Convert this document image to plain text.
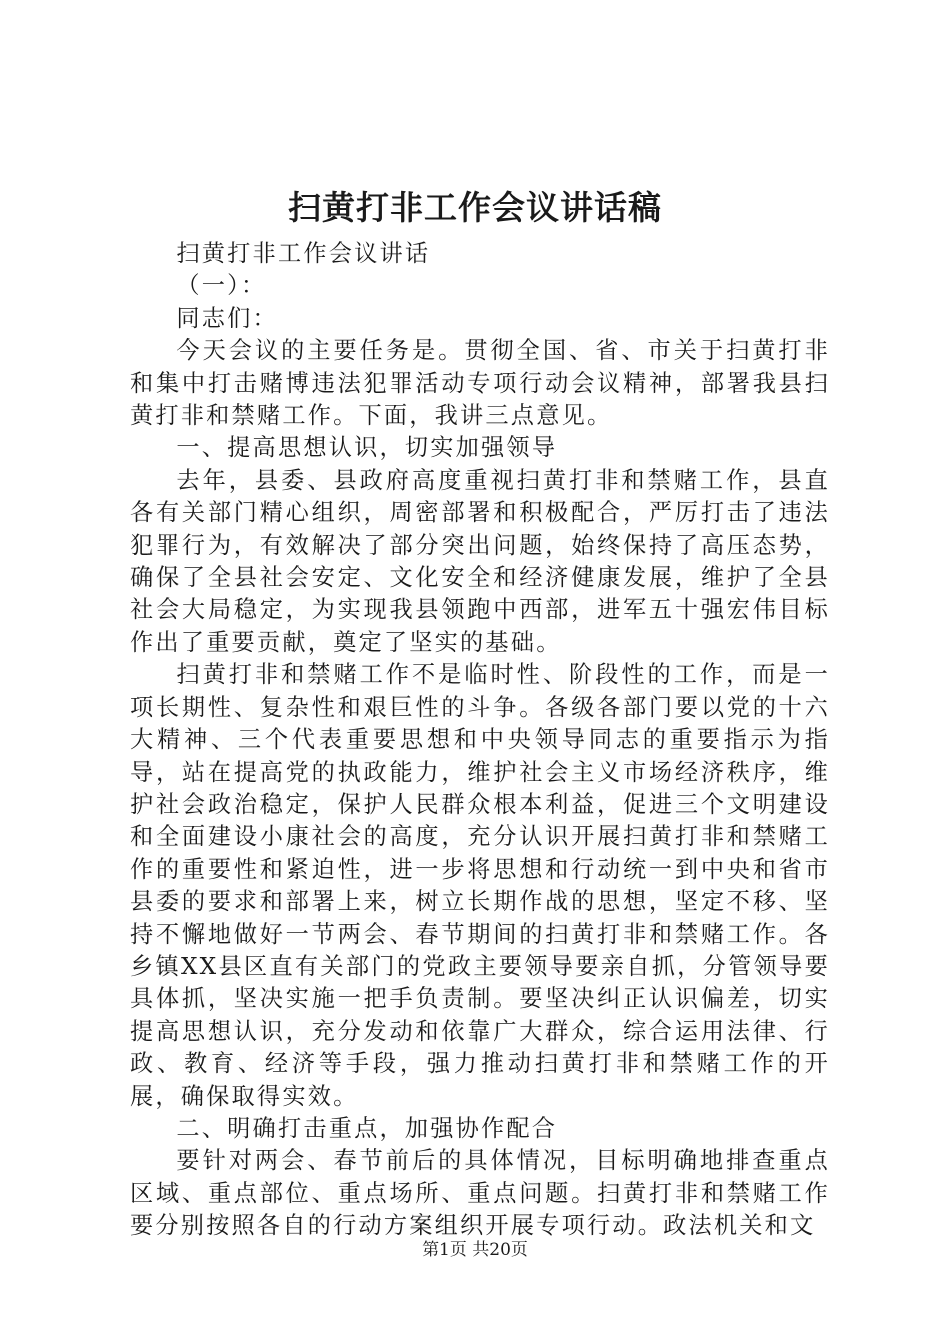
扫黄打非工作会议讲话稿

扫黄打非工作会议讲话

（一）：

同志们：

今天会议的主要任务是。贯彻全国、省、市关于扫黄打非和集中打击赌博违法犯罪活动专项行动会议精神，部署我县扫黄打非和禁赌工作。下面，我讲三点意见。

一、提高思想认识，切实加强领导

去年，县委、县政府高度重视扫黄打非和禁赌工作，县直各有关部门精心组织，周密部署和积极配合，严厉打击了违法犯罪行为，有效解决了部分突出问题，始终保持了高压态势，确保了全县社会安定、文化安全和经济健康发展，维护了全县社会大局稳定，为实现我县领跑中西部，进军五十强宏伟目标作出了重要贡献，奠定了坚实的基础。

扫黄打非和禁赌工作不是临时性、阶段性的工作，而是一项长期性、复杂性和艰巨性的斗争。各级各部门要以党的十六大精神、三个代表重要思想和中央领导同志的重要指示为指导，站在提高党的执政能力，维护社会主义市场经济秩序，维护社会政治稳定，保护人民群众根本利益，促进三个文明建设和全面建设小康社会的高度，充分认识开展扫黄打非和禁赌工作的重要性和紧迫性，进一步将思想和行动统一到中央和省市县委的要求和部署上来，树立长期作战的思想，坚定不移、坚持不懈地做好一节两会、春节期间的扫黄打非和禁赌工作。各乡镇XX县区直有关部门的党政主要领导要亲自抓，分管领导要具体抓，坚决实施一把手负责制。要坚决纠正认识偏差，切实提高思想认识，充分发动和依靠广大群众，综合运用法律、行政、教育、经济等手段，强力推动扫黄打非和禁赌工作的开展，确保取得实效。

二、明确打击重点，加强协作配合

要针对两会、春节前后的具体情况，目标明确地排查重点区域、重点部位、重点场所、重点问题。扫黄打非和禁赌工作要分别按照各自的行动方案组织开展专项行动。政法机关和文

第1页 共20页
